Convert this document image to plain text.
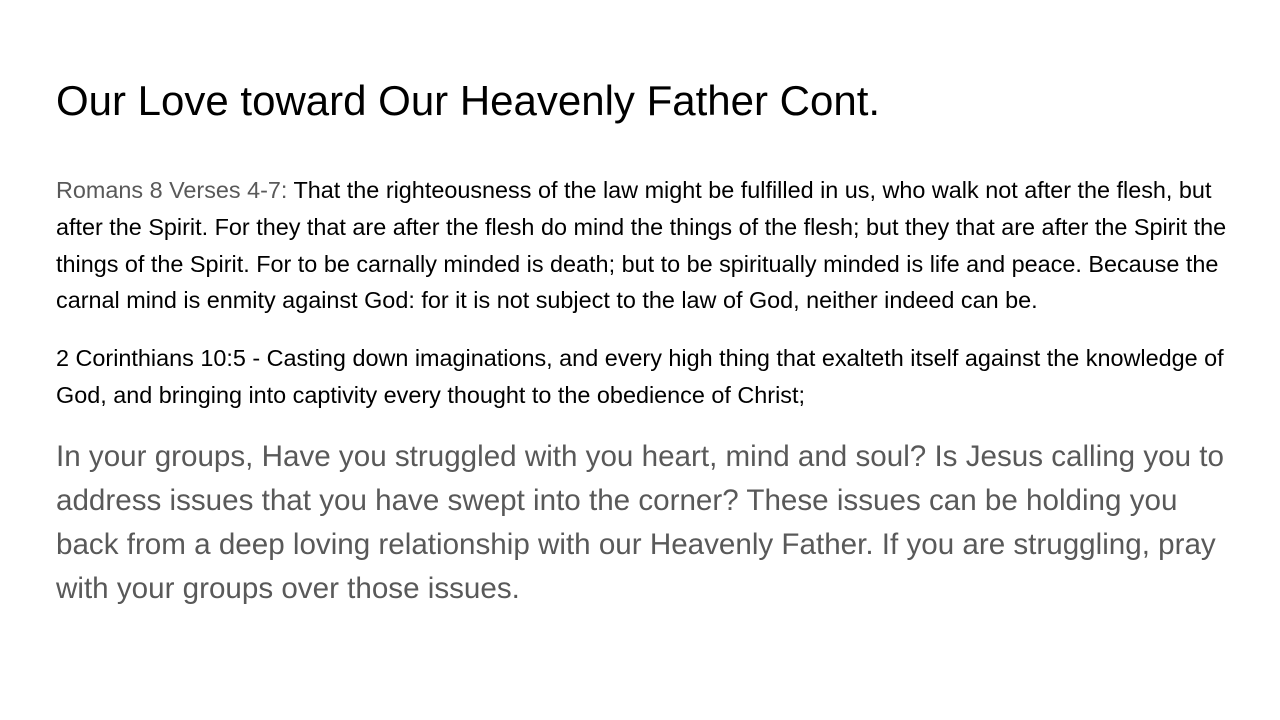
Our Love toward Our Heavenly Father Cont.

Romans 8 Verses 4-7: That the righteousness of the law might be fulfilled in us, who walk not after the flesh, but after the Spirit. For they that are after the flesh do mind the things of the flesh; but they that are after the Spirit the things of the Spirit. For to be carnally minded is death; but to be spiritually minded is life and peace. Because the carnal mind is enmity against God: for it is not subject to the law of God, neither indeed can be.

2 Corinthians 10:5 - Casting down imaginations, and every high thing that exalteth itself against the knowledge of God, and bringing into captivity every thought to the obedience of Christ;

In your groups, Have you struggled with you heart, mind and soul? Is Jesus calling you to address issues that you have swept into the corner? These issues can be holding you back from a deep loving relationship with our Heavenly Father. If you are struggling, pray with your groups over those issues.
